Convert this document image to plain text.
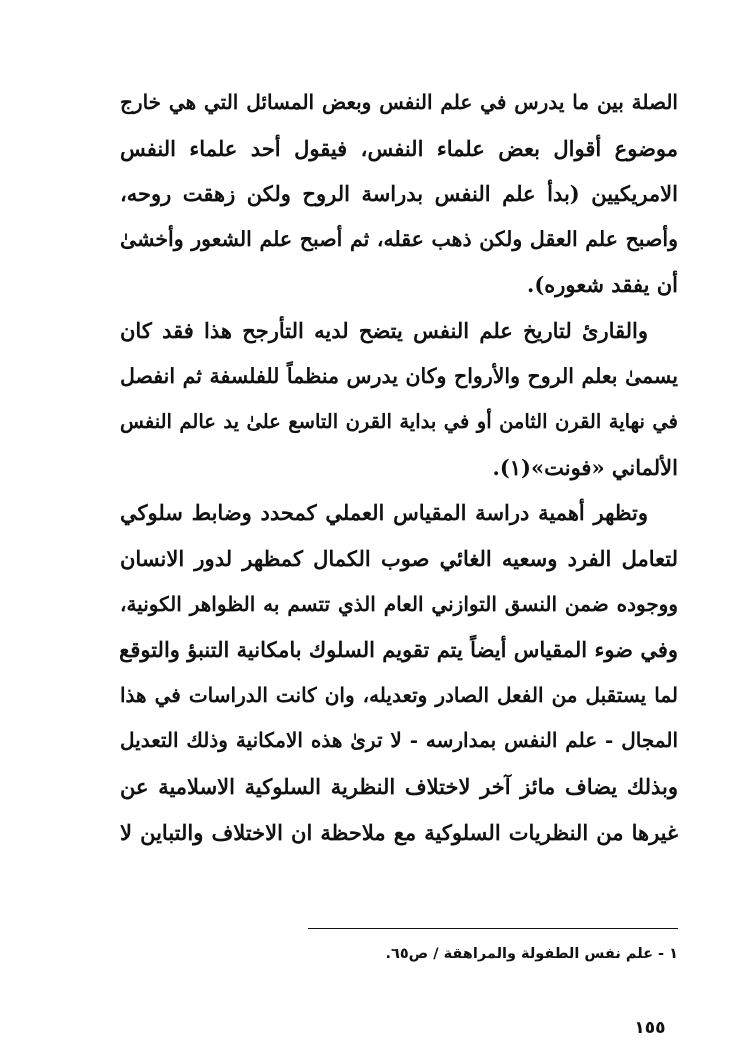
الصلة بين ما يدرس في علم النفس وبعض المسائل التي هي خارج
موضوع أقوال بعض علماء النفس، فيقول أحد علماء النفس
الامريكيين (بدأ علم النفس بدراسة الروح ولكن زهقت روحه،
وأصبح علم العقل ولكن ذهب عقله، ثم أصبح علم الشعور وأخشىٰ
أن يفقد شعوره).
والقارئ لتاريخ علم النفس يتضح لديه التأرجح هذا فقد كان
يسمىٰ بعلم الروح والأرواح وكان يدرس منظماً للفلسفة ثم انفصل
في نهاية القرن الثامن أو في بداية القرن التاسع علىٰ يد عالم النفس
الألماني «فونت»(١).
وتظهر أهمية دراسة المقياس العملي كمحدد وضابط سلوكي
لتعامل الفرد وسعيه الغائي صوب الكمال كمظهر لدور الانسان
ووجوده ضمن النسق التوازني العام الذي تتسم به الظواهر الكونية،
وفي ضوء المقياس أيضاً يتم تقويم السلوك بامكانية التنبؤ والتوقع
لما يستقبل من الفعل الصادر وتعديله، وان كانت الدراسات في هذا
المجال - علم النفس بمدارسه - لا ترىٰ هذه الامكانية وذلك التعديل
وبذلك يضاف مائز آخر لاختلاف النظرية السلوكية الاسلامية عن
غيرها من النظريات السلوكية مع ملاحظة ان الاختلاف والتباين لا
١ - علم نفس الطفولة والمراهقة / ص٦٥.
١٥٥
